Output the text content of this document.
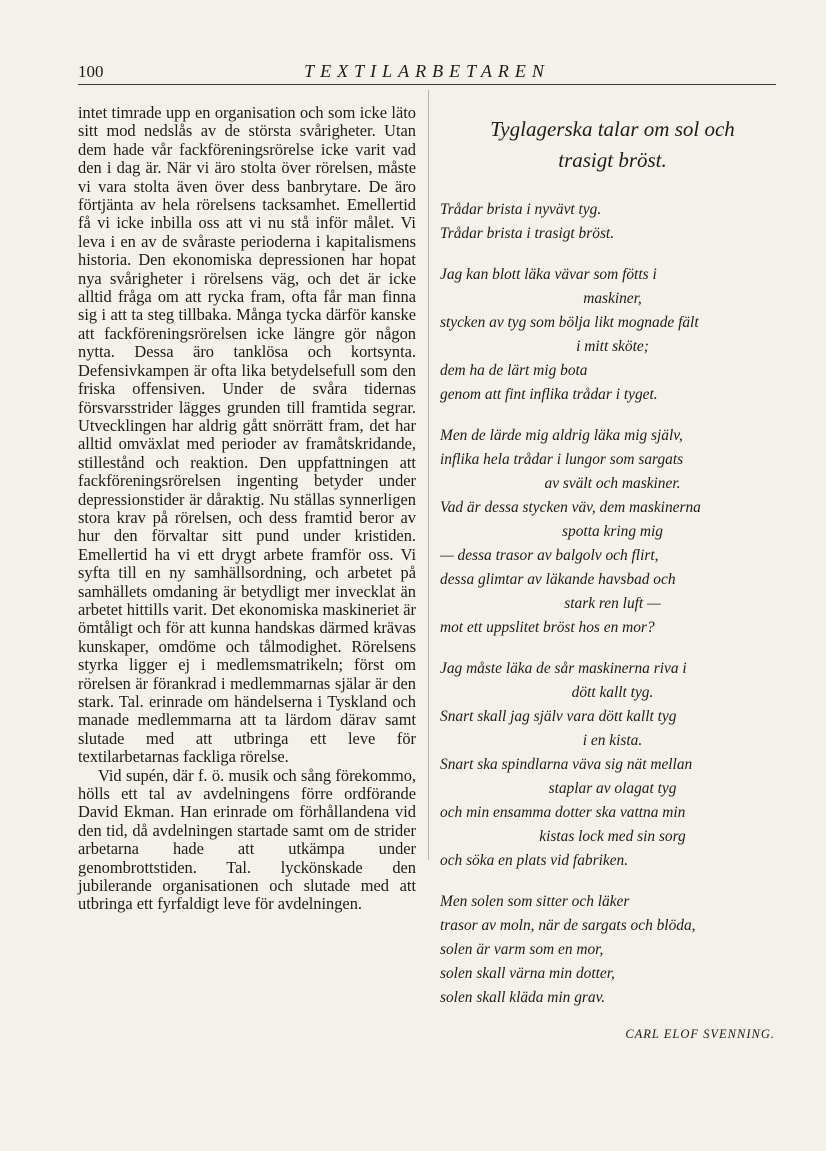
100	TEXTILARBETAREN

intet timrade upp en organisation och som icke läto sitt mod nedslås av de största svårigheter. Utan dem hade vår fackföreningsrörelse icke varit vad den i dag är. När vi äro stolta över rörelsen, måste vi vara stolta även över dess banbrytare. De äro förtjänta av hela rörelsens tacksamhet. Emellertid få vi icke inbilla oss att vi nu stå inför målet. Vi leva i en av de svåraste perioderna i kapitalismens historia. Den ekonomiska depressionen har hopat nya svårigheter i rörelsens väg, och det är icke alltid fråga om att rycka fram, ofta får man finna sig i att ta steg tillbaka. Många tycka därför kanske att fackföreningsrörelsen icke längre gör någon nytta. Dessa äro tanklösa och kortsynta. Defensivkampen är ofta lika betydelsefull som den friska offensiven. Under de svåra tidernas försvarsstrider lägges grunden till framtida segrar. Utvecklingen har aldrig gått snörrätt fram, det har alltid omväxlat med perioder av framåtskridande, stillestånd och reaktion. Den uppfattningen att fackföreningsrörelsen ingenting betyder under depressionstider är dåraktig. Nu ställas synnerligen stora krav på rörelsen, och dess framtid beror av hur den förvaltar sitt pund under kristiden. Emellertid ha vi ett drygt arbete framför oss. Vi syfta till en ny samhällsordning, och arbetet på samhällets omdaning är betydligt mer invecklat än arbetet hittills varit. Det ekonomiska maskineriet är ömtåligt och för att kunna handskas därmed krävas kunskaper, omdöme och tålmodighet. Rörelsens styrka ligger ej i medlemsmatrikeln; först om rörelsen är förankrad i medlemmarnas själar är den stark. Tal. erinrade om händelserna i Tyskland och manade medlemmarna att ta lärdom därav samt slutade med att utbringa ett leve för textilarbetarnas fackliga rörelse.

Vid supén, där f. ö. musik och sång förekommo, hölls ett tal av avdelningens förre ordförande David Ekman. Han erinrade om förhållandena vid den tid, då avdelningen startade samt om de strider arbetarna hade att utkämpa under genombrottstiden. Tal. lyckönskade den jubilerande organisationen och slutade med att utbringa ett fyrfaldigt leve för avdelningen.

Tyglagerska talar om sol och
trasigt bröst.
Trådar brista i nyvävt tyg.
Trådar brista i trasigt bröst.
Jag kan blott läka vävar som fötts i
maskiner,
stycken av tyg som bölja likt mognade fält
i mitt sköte;
dem ha de lärt mig bota
genom att fint inflika trådar i tyget.
Men de lärde mig aldrig läka mig själv,
inflika hela trådar i lungor som sargats
av svält och maskiner.
Vad är dessa stycken väv, dem maskinerna
spotta kring mig
— dessa trasor av balgolv och flirt,
dessa glimtar av läkande havsbad och
stark ren luft —
mot ett uppslitet bröst hos en mor?
Jag måste läka de sår maskinerna riva i
dött kallt tyg.
Snart skall jag själv vara dött kallt tyg
i en kista.
Snart ska spindlarna väva sig nät mellan
staplar av olagat tyg
och min ensamma dotter ska vattna min
kistas lock med sin sorg
och söka en plats vid fabriken.
Men solen som sitter och läker
trasor av moln, när de sargats och blöda,
solen är varm som en mor,
solen skall värna min dotter,
solen skall kläda min grav.
CARL ELOF SVENNING.
